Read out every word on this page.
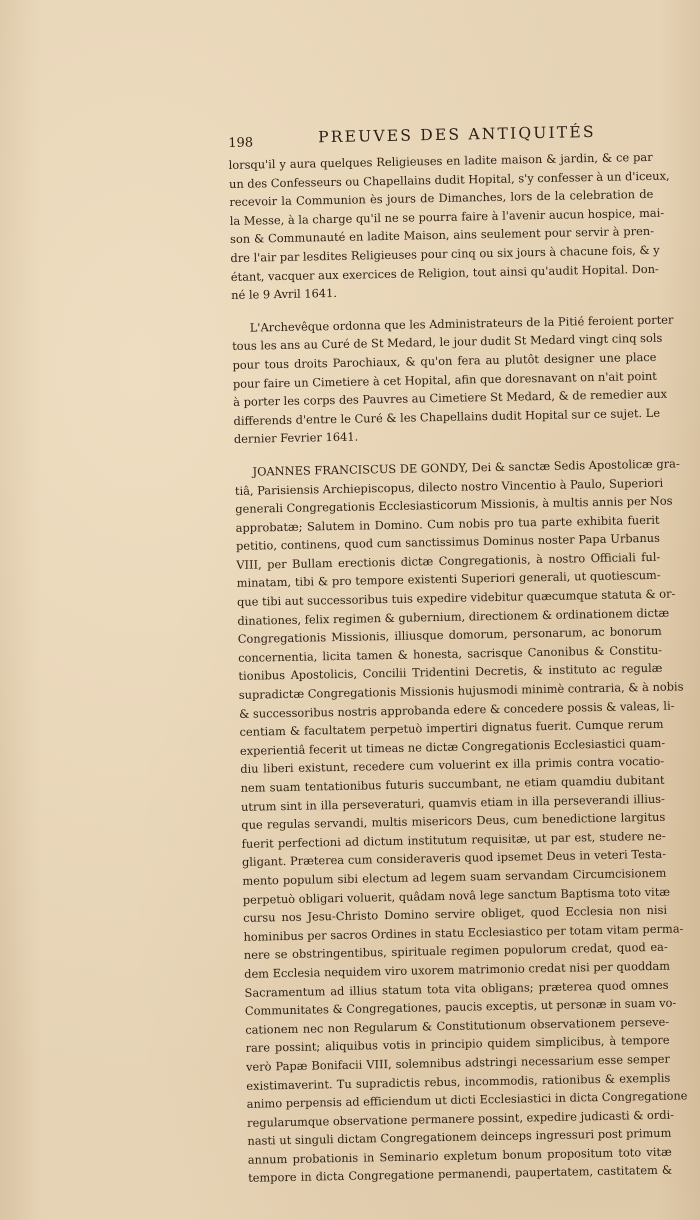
198	PREUVES DES ANTIQUITÉS

lorsqu'il y aura quelques Religieuses en ladite maison & jardin, & ce par
un des Confesseurs ou Chapellains dudit Hopital, s'y confesser à un d'iceux,
recevoir la Communion ès jours de Dimanches, lors de la celebration de
la Messe, à la charge qu'il ne se pourra faire à l'avenir aucun hospice, mai-
son & Communauté en ladite Maison, ains seulement pour servir à pren-
dre l'air par lesdites Religieuses pour cinq ou six jours à chacune fois, & y
étant, vacquer aux exercices de Religion, tout ainsi qu'audit Hopital. Don-
né le 9 Avril 1641.

L'Archevêque ordonna que les Administrateurs de la Pitié feroient porter
tous les ans au Curé de St Medard, le jour dudit St Medard vingt cinq sols
pour tous droits Parochiaux, & qu'on fera au plutôt designer une place
pour faire un Cimetiere à cet Hopital, afin que doresnavant on n'ait point
à porter les corps des Pauvres au Cimetiere St Medard, & de remedier aux
differends d'entre le Curé & les Chapellains dudit Hopital sur ce sujet. Le
dernier Fevrier 1641.

JOANNES FRANCISCUS DE GONDY, Dei & sanctæ Sedis Apostolicæ gra-
tiâ, Parisiensis Archiepiscopus, dilecto nostro Vincentio à Paulo, Superiori
generali Congregationis Ecclesiasticorum Missionis, à multis annis per Nos
approbatæ; Salutem in Domino. Cum nobis pro tua parte exhibita fuerit
petitio, continens, quod cum sanctissimus Dominus noster Papa Urbanus
VIII, per Bullam erectionis dictæ Congregationis, à nostro Officiali ful-
minatam, tibi & pro tempore existenti Superiori generali, ut quotiescum-
que tibi aut successoribus tuis expedire videbitur quæcumque statuta & or-
dinationes, felix regimen & gubernium, directionem & ordinationem dictæ
Congregationis Missionis, illiusque domorum, personarum, ac bonorum
concernentia, licita tamen & honesta, sacrisque Canonibus & Constitu-
tionibus Apostolicis, Concilii Tridentini Decretis, & instituto ac regulæ
supradictæ Congregationis Missionis hujusmodi minimè contraria, & à nobis
& successoribus nostris approbanda edere & concedere possis & valeas, li-
centiam & facultatem perpetuò impertiri dignatus fuerit. Cumque rerum
experientiâ fecerit ut timeas ne dictæ Congregationis Ecclesiastici quam-
diu liberi existunt, recedere cum voluerint ex illa primis contra vocatio-
nem suam tentationibus futuris succumbant, ne etiam quamdiu dubitant
utrum sint in illa perseveraturi, quamvis etiam in illa perseverandi illius-
que regulas servandi, multis misericors Deus, cum benedictione largitus
fuerit perfectioni ad dictum institutum requisitæ, ut par est, studere ne-
gligant. Præterea cum consideraveris quod ipsemet Deus in veteri Testa-
mento populum sibi electum ad legem suam servandam Circumcisionem
perpetuò obligari voluerit, quâdam novâ lege sanctum Baptisma toto vitæ
cursu nos Jesu-Christo Domino servire obliget, quod Ecclesia non nisi
hominibus per sacros Ordines in statu Ecclesiastico per totam vitam perma-
nere se obstringentibus, spirituale regimen populorum credat, quod ea-
dem Ecclesia nequidem viro uxorem matrimonio credat nisi per quoddam
Sacramentum ad illius statum tota vita obligans; præterea quod omnes
Communitates & Congregationes, paucis exceptis, ut personæ in suam vo-
cationem nec non Regularum & Constitutionum observationem perseve-
rare possint; aliquibus votis in principio quidem simplicibus, à tempore
verò Papæ Bonifacii VIII, solemnibus adstringi necessarium esse semper
existimaverint. Tu supradictis rebus, incommodis, rationibus & exemplis
animo perpensis ad efficiendum ut dicti Ecclesiastici in dicta Congregatione
regularumque observatione permanere possint, expedire judicasti & ordi-
nasti ut singuli dictam Congregationem deinceps ingressuri post primum
annum probationis in Seminario expletum bonum propositum toto vitæ
tempore in dicta Congregatione permanendi, paupertatem, castitatem &
